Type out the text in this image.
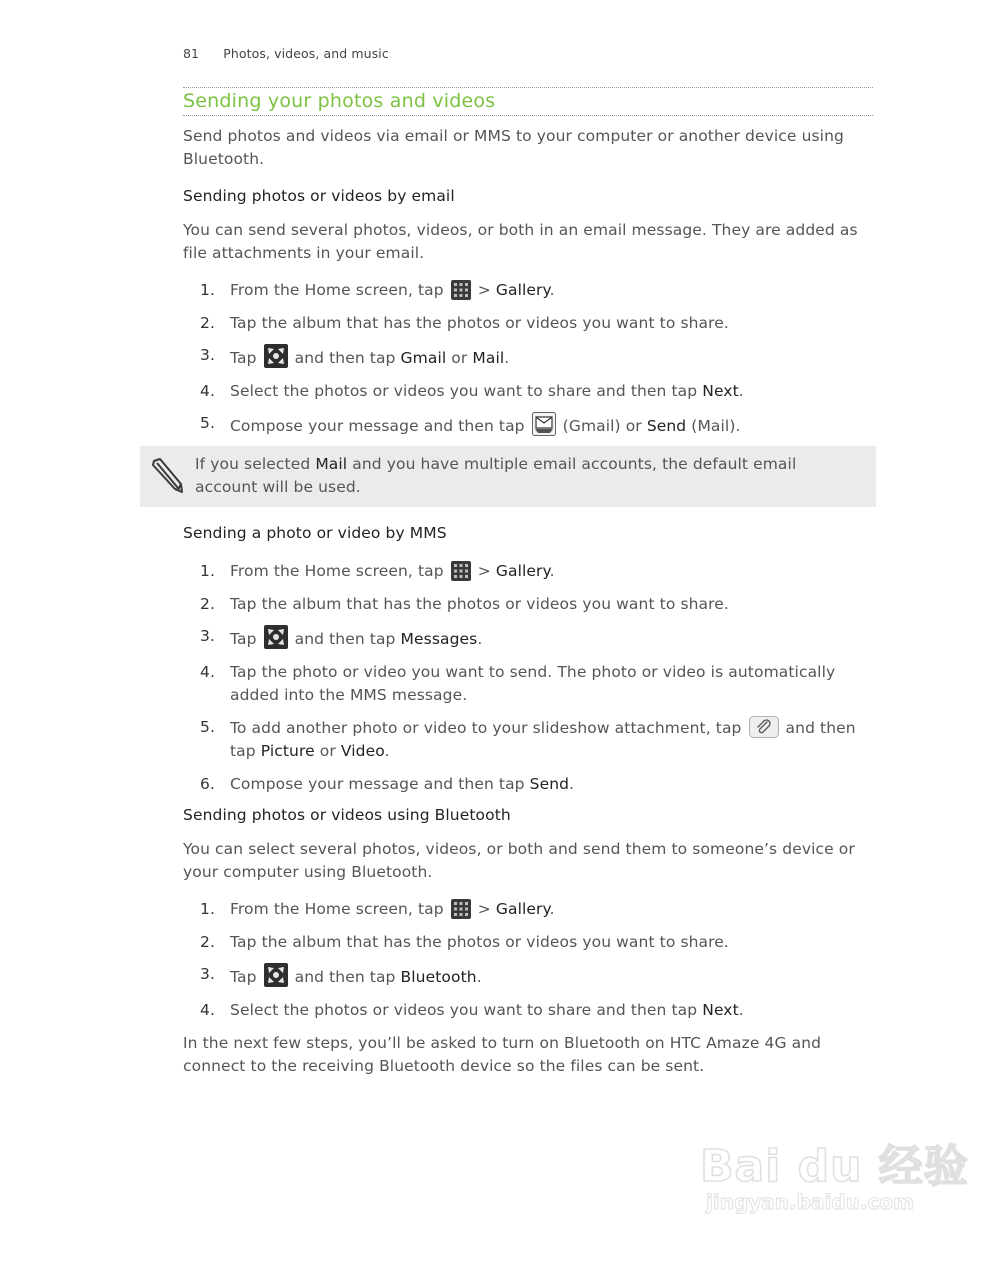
81 Photos, videos, and music
Sending your photos and videos
Send photos and videos via email or MMS to your computer or another device using Bluetooth.
Sending photos or videos by email
You can send several photos, videos, or both in an email message. They are added as file attachments in your email.
1. From the Home screen, tap  > Gallery.
2. Tap the album that has the photos or videos you want to share.
3. Tap  and then tap Gmail or Mail.
4. Select the photos or videos you want to share and then tap Next.
5. Compose your message and then tap  (Gmail) or Send (Mail).
If you selected Mail and you have multiple email accounts, the default email account will be used.
Sending a photo or video by MMS
1. From the Home screen, tap  > Gallery.
2. Tap the album that has the photos or videos you want to share.
3. Tap  and then tap Messages.
4. Tap the photo or video you want to send. The photo or video is automatically added into the MMS message.
5. To add another photo or video to your slideshow attachment, tap  and then tap Picture or Video.
6. Compose your message and then tap Send.
Sending photos or videos using Bluetooth
You can select several photos, videos, or both and send them to someone’s device or your computer using Bluetooth.
1. From the Home screen, tap  > Gallery.
2. Tap the album that has the photos or videos you want to share.
3. Tap  and then tap Bluetooth.
4. Select the photos or videos you want to share and then tap Next.
In the next few steps, you’ll be asked to turn on Bluetooth on HTC Amaze 4G and connect to the receiving Bluetooth device so the files can be sent.
Bai du 经验
jingyan.baidu.com
